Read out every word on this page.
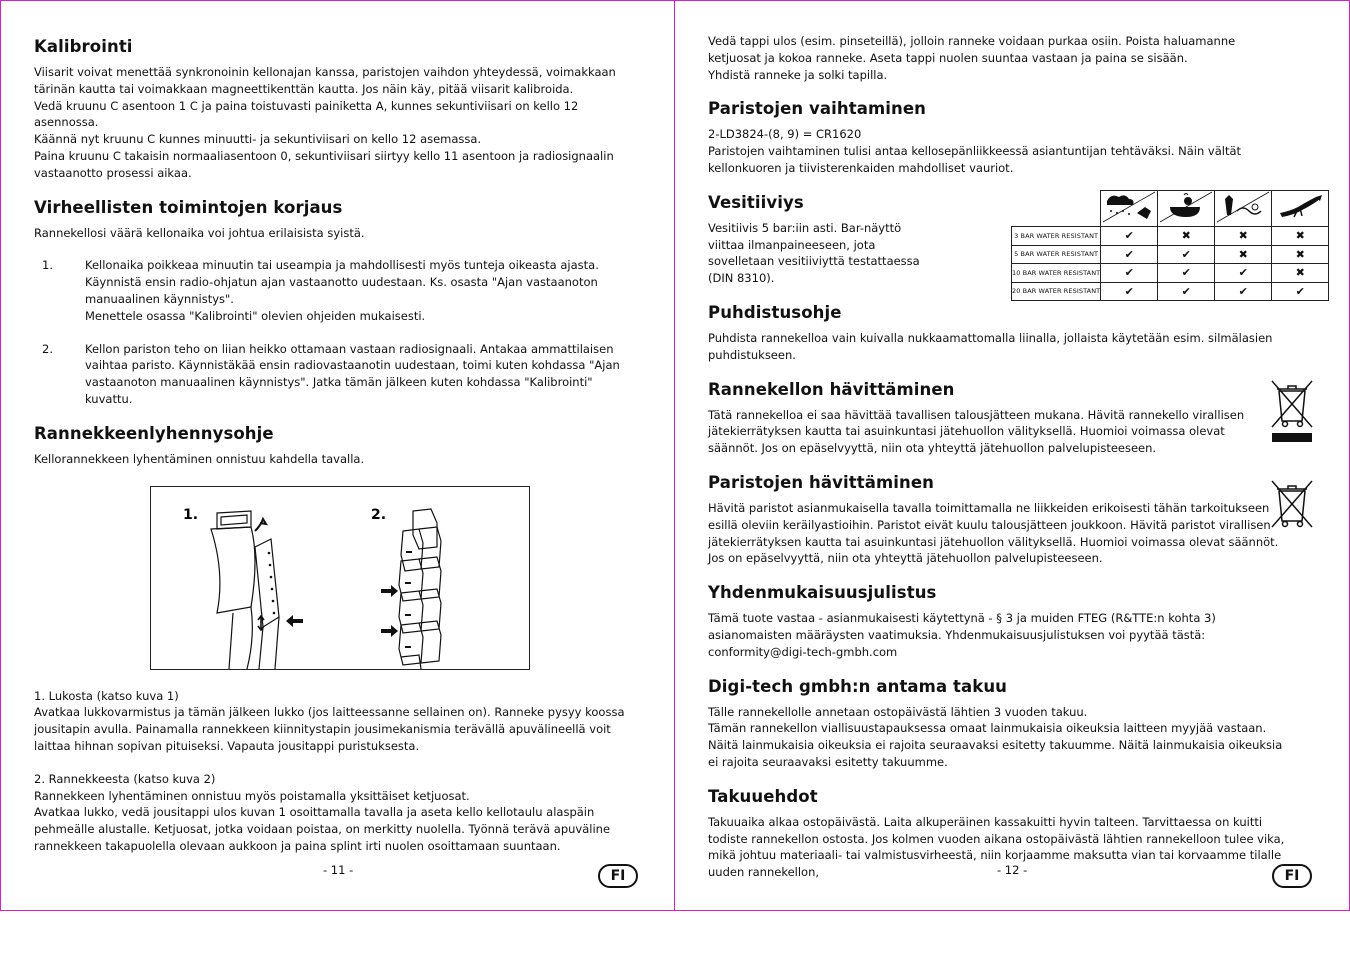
Kalibrointi

Viisarit voivat menettää synkronoinin kellonajan kanssa, paristojen vaihdon yhteydessä, voimakkaan tärinän kautta tai voimakkaan magneettikenttän kautta. Jos näin käy, pitää viisarit kalibroida.

Vedä kruunu C asentoon 1 C ja paina toistuvasti painiketta A, kunnes sekuntiviisari on kello 12 asennossa.

Käännä nyt kruunu C kunnes minuutti- ja sekuntiviisari on kello 12 asemassa.

Paina kruunu C takaisin normaaliasentoon 0, sekuntiviisari siirtyy kello 11 asentoon ja radiosignaalin vastaanotto prosessi aikaa.

Virheellisten toimintojen korjaus

Rannekellosi väärä kellonaika voi johtua erilaisista syistä.

1.	Kellonaika poikkeaa minuutin tai useampia ja mahdollisesti myös tunteja oikeasta ajasta.

Käynnistä ensin radio-ohjatun ajan vastaanotto uudestaan. Ks. osasta "Ajan vastaanoton manuaalinen käynnistys".

Menettele osassa "Kalibrointi" olevien ohjeiden mukaisesti.

2.	Kellon pariston teho on liian heikko ottamaan vastaan radiosignaali. Antakaa ammattilaisen vaihtaa paristo. Käynnistäkää ensin radiovastaanotin uudestaan, toimi kuten kohdassa "Ajan vastaanoton manuaalinen käynnistys". Jatka tämän jälkeen kuten kohdassa "Kalibrointi" kuvattu.

Rannekkeenlyhennysohje

Kellorannekkeen lyhentäminen onnistuu kahdella tavalla.

1.	2.

1. Lukosta (katso kuva 1)

Avatkaa lukkovarmistus ja tämän jälkeen lukko (jos laitteessanne sellainen on). Ranneke pysyy koossa jousitapin avulla. Painamalla rannekkeen kiinnitystapin jousimekanismia terävällä apuvälineellä voit laittaa hihnan sopivan pituiseksi. Vapauta jousitappi puristuksesta.

2. Rannekkeesta (katso kuva 2)

Rannekkeen lyhentäminen onnistuu myös poistamalla yksittäiset ketjuosat.

Avatkaa lukko, vedä jousitappi ulos kuvan 1 osoittamalla tavalla ja aseta kello kellotaulu alaspäin pehmeälle alustalle. Ketjuosat, jotka voidaan poistaa, on merkitty nuolella. Työnnä terävä apuväline rannekkeen takapuolella olevaan aukkoon ja paina splint irti nuolen osoittamaan suuntaan.

- 11 -	FI

Vedä tappi ulos (esim. pinseteillä), jolloin ranneke voidaan purkaa osiin. Poista haluamanne ketjuosat ja kokoa ranneke. Aseta tappi nuolen suuntaa vastaan ja paina se sisään.

Yhdistä ranneke ja solki tapilla.

Paristojen vaihtaminen

2-LD3824-(8, 9) = CR1620

Paristojen vaihtaminen tulisi antaa kellosepänliikkeessä asiantuntijan tehtäväksi. Näin vältät kellonkuoren ja tiivisterenkaiden mahdolliset vauriot.

Vesitiiviys

Vesitiivis 5 bar:iin asti. Bar-näyttö viittaa ilmanpaineeseen, jota sovelletaan vesitiiviyttä testattaessa (DIN 8310).

Puhdistusohje

Puhdista rannekelloa vain kuivalla nukkaamattomalla liinalla, jollaista käytetään esim. silmälasien puhdistukseen.

Rannekellon hävittäminen

Tätä rannekelloa ei saa hävittää tavallisen talousjätteen mukana. Hävitä rannekello virallisen jätekierrätyksen kautta tai asuinkuntasi jätehuollon välityksellä. Huomioi voimassa olevat säännöt. Jos on epäselvyyttä, niin ota yhteyttä jätehuollon palvelupisteeseen.

Paristojen hävittäminen

Hävitä paristot asianmukaisella tavalla toimittamalla ne liikkeiden erikoisesti tähän tarkoitukseen esillä oleviin keräilyastioihin. Paristot eivät kuulu talousjätteen joukkoon. Hävitä paristot virallisen jätekierrätyksen kautta tai asuinkuntasi jätehuollon välityksellä. Huomioi voimassa olevat säännöt. Jos on epäselvyyttä, niin ota yhteyttä jätehuollon palvelupisteeseen.

Yhdenmukaisuusjulistus

Tämä tuote vastaa - asianmukaisesti käytettynä - § 3 ja muiden FTEG (R&TTE:n kohta 3) asianomaisten määräysten vaatimuksia. Yhdenmukaisuusjulistuksen voi pyytää tästä: conformity@digi-tech-gmbh.com

Digi-tech gmbh:n antama takuu

Tälle rannekellolle annetaan ostopäivästä lähtien 3 vuoden takuu.

Tämän rannekellon viallisuustapauksessa omaat lainmukaisia oikeuksia laitteen myyjää vastaan. Näitä lainmukaisia oikeuksia ei rajoita seuraavaksi esitetty takuumme. Näitä lainmukaisia oikeuksia ei rajoita seuraavaksi esitetty takuumme.

Takuuehdot

Takuuaika alkaa ostopäivästä. Laita alkuperäinen kassakuitti hyvin talteen. Tarvittaessa on kuitti todiste rannekellon ostosta. Jos kolmen vuoden aikana ostopäivästä lähtien rannekelloon tulee vika, mikä johtuu materiaali- tai valmistusvirheestä, niin korjaamme maksutta vian tai korvaamme tilalle uuden rannekellon,

3 BAR WATER RESISTANT	✔	✖	✖	✖
5 BAR WATER RESISTANT	✔	✔	✖	✖
10 BAR WATER RESISTANT	✔	✔	✔	✖
20 BAR WATER RESISTANT	✔	✔	✔	✔
- 12 -	FI
